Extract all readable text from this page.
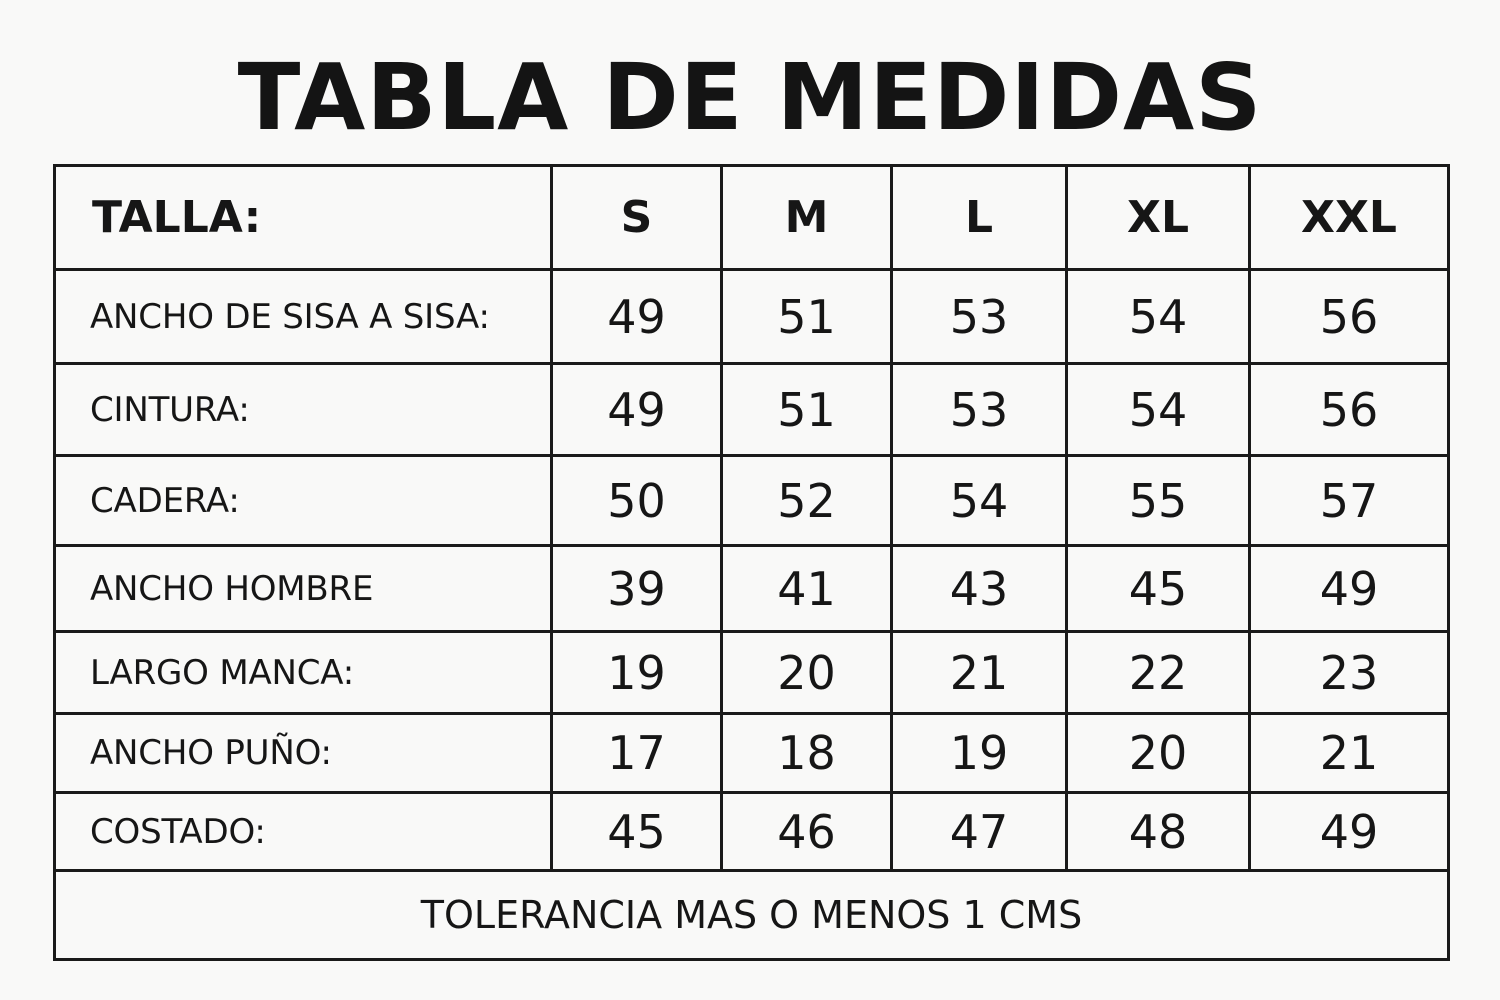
TABLA DE MEDIDAS
TALLA:	S	M	L	XL	XXL
ANCHO DE SISA A SISA:	49	51	53	54	56
CINTURA:	49	51	53	54	56
CADERA:	50	52	54	55	57
ANCHO HOMBRE	39	41	43	45	49
LARGO MANCA:	19	20	21	22	23
ANCHO PUÑO:	17	18	19	20	21
COSTADO:	45	46	47	48	49
TOLERANCIA MAS O MENOS 1 CMS					
